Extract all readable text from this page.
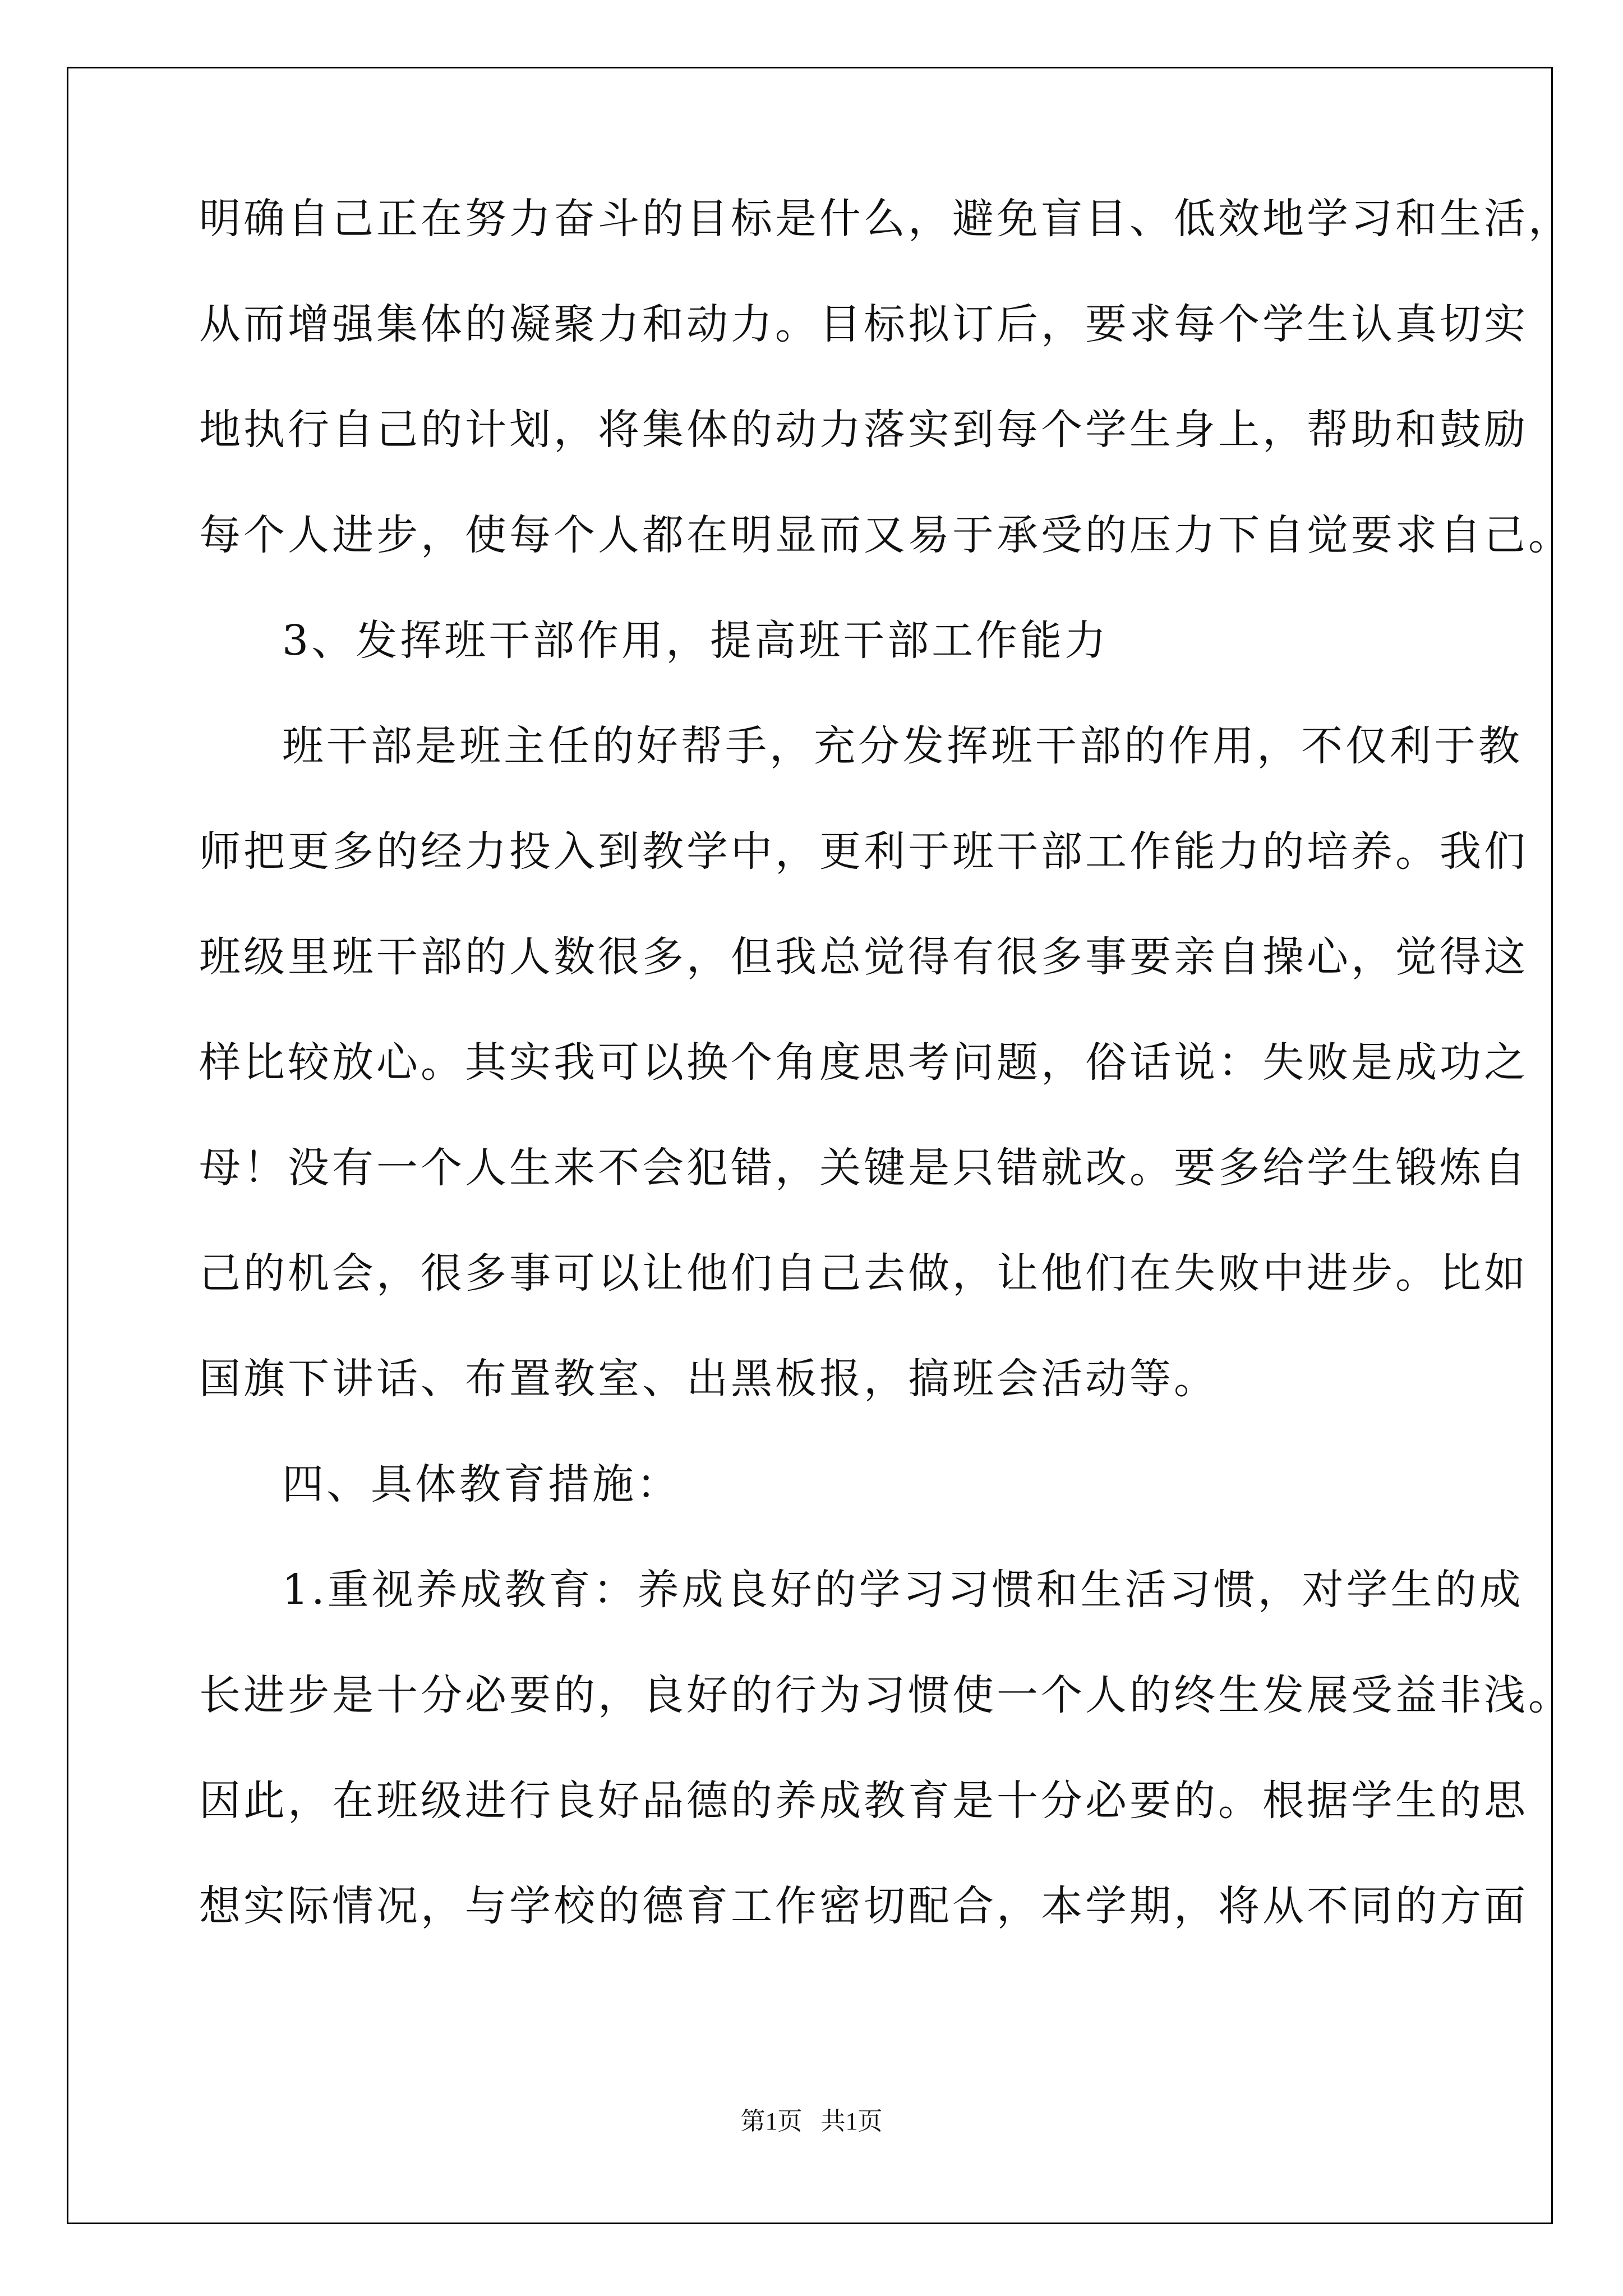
明确自己正在努力奋斗的目标是什么，避免盲目、低效地学习和生活，
从而增强集体的凝聚力和动力。目标拟订后，要求每个学生认真切实
地执行自己的计划，将集体的动力落实到每个学生身上，帮助和鼓励
每个人进步，使每个人都在明显而又易于承受的压力下自觉要求自己。
3、发挥班干部作用，提高班干部工作能力
班干部是班主任的好帮手，充分发挥班干部的作用，不仅利于教
师把更多的经力投入到教学中，更利于班干部工作能力的培养。我们
班级里班干部的人数很多，但我总觉得有很多事要亲自操心，觉得这
样比较放心。其实我可以换个角度思考问题，俗话说：失败是成功之
母！没有一个人生来不会犯错，关键是只错就改。要多给学生锻炼自
己的机会，很多事可以让他们自己去做，让他们在失败中进步。比如
国旗下讲话、布置教室、出黑板报，搞班会活动等。
四、具体教育措施：
1.重视养成教育：养成良好的学习习惯和生活习惯，对学生的成
长进步是十分必要的，良好的行为习惯使一个人的终生发展受益非浅。
因此，在班级进行良好品德的养成教育是十分必要的。根据学生的思
想实际情况，与学校的德育工作密切配合，本学期，将从不同的方面
第1页   共1页
